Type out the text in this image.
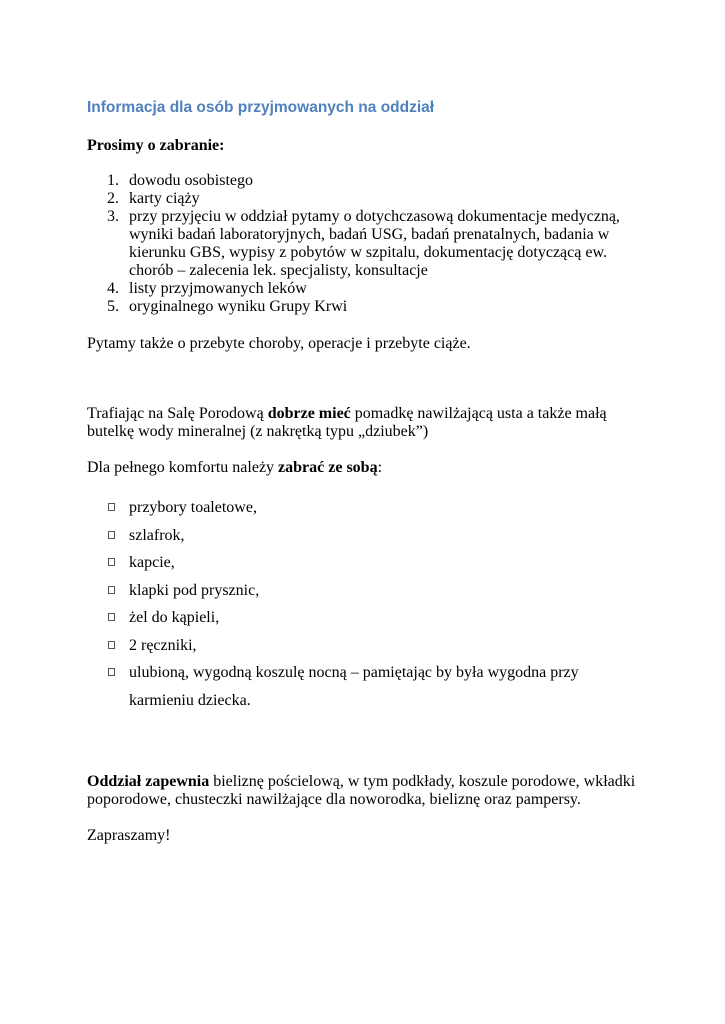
Informacja dla osób przyjmowanych na oddział

Prosimy o zabranie:

1. dowodu osobistego
2. karty ciąży
3. przy przyjęciu w oddział pytamy o dotychczasową dokumentacje medyczną, wyniki badań laboratoryjnych, badań USG, badań prenatalnych, badania w kierunku GBS, wypisy z pobytów w szpitalu, dokumentację dotyczącą ew. chorób – zalecenia lek. specjalisty, konsultacje
4. listy przyjmowanych leków
5. oryginalnego wyniku Grupy Krwi

Pytamy także o przebyte choroby, operacje i przebyte ciąże.

Trafiając na Salę Porodową dobrze mieć pomadkę nawilżającą usta a także małą butelkę wody mineralnej (z nakrętką typu „dziubek”)

Dla pełnego komfortu należy zabrać ze sobą:

przybory toaletowe,
szlafrok,
kapcie,
klapki pod prysznic,
żel do kąpieli,
2 ręczniki,
ulubioną, wygodną koszulę nocną – pamiętając by była wygodna przy karmieniu dziecka.

Oddział zapewnia bieliznę pościelową, w tym podkłady, koszule porodowe, wkładki poporodowe, chusteczki nawilżające dla noworodka, bieliznę oraz pampersy.

Zapraszamy!
